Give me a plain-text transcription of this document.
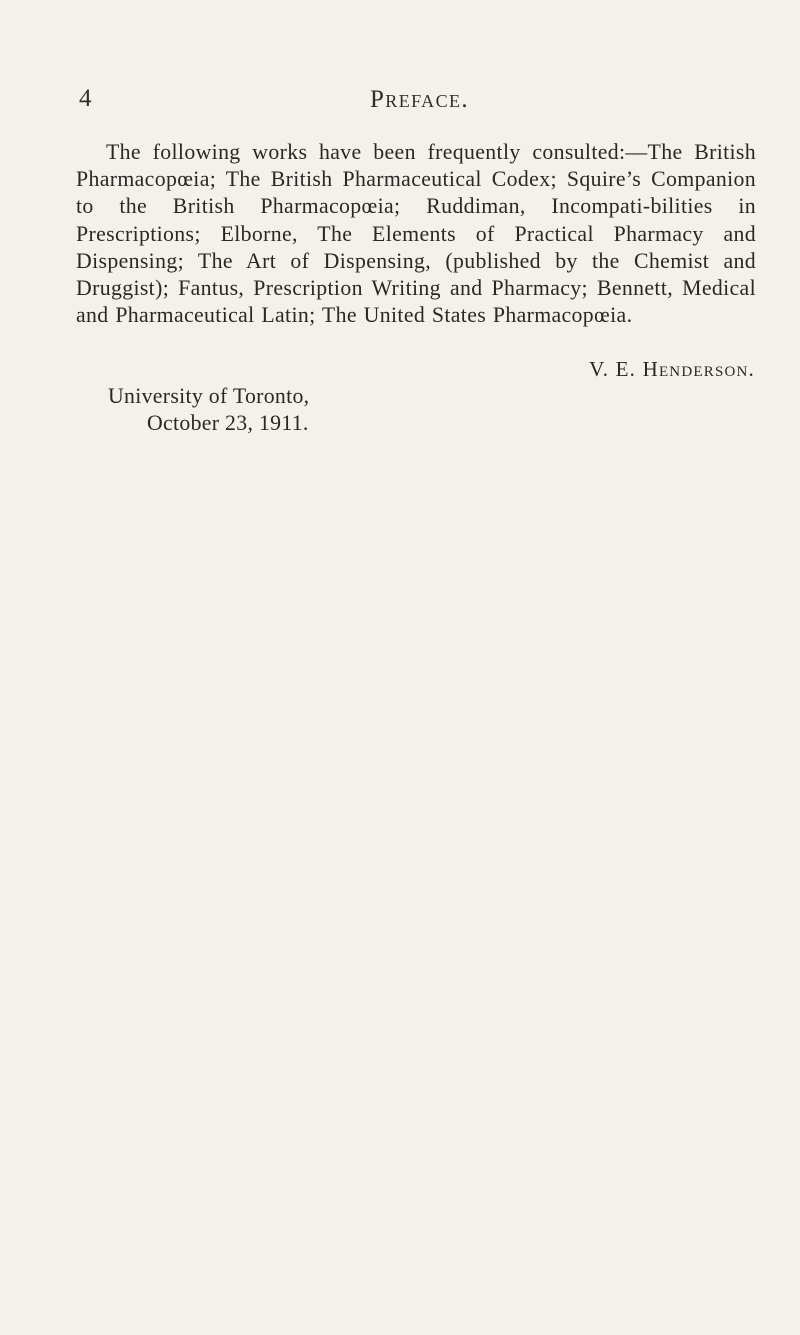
4	Preface.

The following works have been frequently consulted:—The British Pharmacopœia; The British Pharmaceutical Codex; Squire’s Companion to the British Pharmacopœia; Ruddiman, Incompati-bilities in Prescriptions; Elborne, The Elements of Practical Pharmacy and Dispensing; The Art of Dispensing, (published by the Chemist and Druggist); Fantus, Prescription Writing and Pharmacy; Bennett, Medical and Pharmaceutical Latin; The United States Pharmacopœia.

V. E. Henderson.

University of Toronto,

October 23, 1911.
